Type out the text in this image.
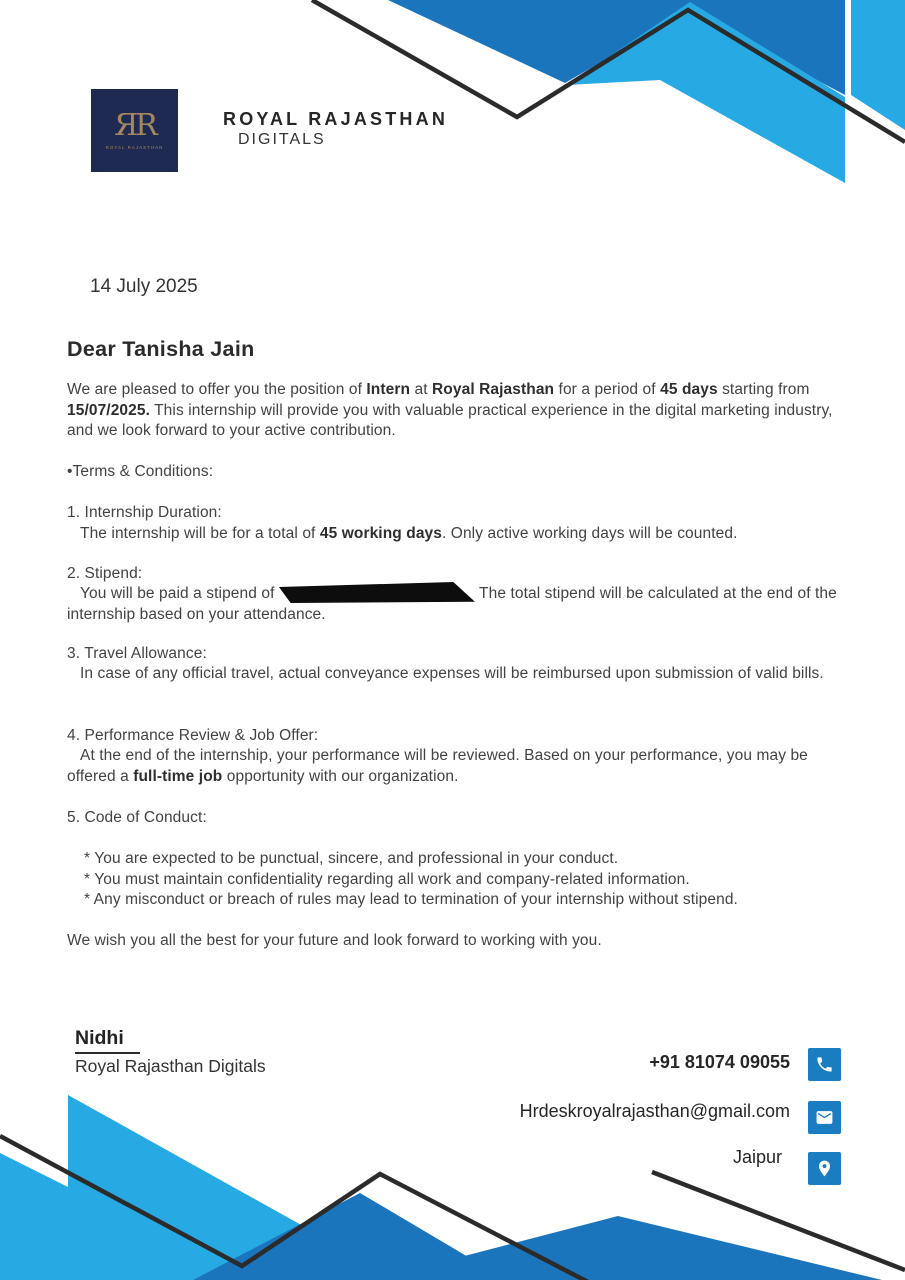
ЯR
ROYAL RAJASTHAN
ROYAL RAJASTHAN
DIGITALS
14 July 2025
Dear Tanisha Jain
We are pleased to offer you the position of Intern at Royal Rajasthan for a period of 45 days starting from 15/07/2025. This internship will provide you with valuable practical experience in the digital marketing industry, and we look forward to your active contribution.
•Terms & Conditions:
1. Internship Duration:
The internship will be for a total of 45 working days. Only active working days will be counted.
2. Stipend:
You will be paid a stipend of	The total stipend will be calculated at the end of the internship based on your attendance.
3. Travel Allowance:
In case of any official travel, actual conveyance expenses will be reimbursed upon submission of valid bills.
4. Performance Review & Job Offer:
At the end of the internship, your performance will be reviewed. Based on your performance, you may be offered a full-time job opportunity with our organization.
5. Code of Conduct:
* You are expected to be punctual, sincere, and professional in your conduct.
* You must maintain confidentiality regarding all work and company-related information.
* Any misconduct or breach of rules may lead to termination of your internship without stipend.
We wish you all the best for your future and look forward to working with you.
Nidhi
Royal Rajasthan Digitals	+91 81074 09055
Hrdeskroyalrajasthan@gmail.com
Jaipur
